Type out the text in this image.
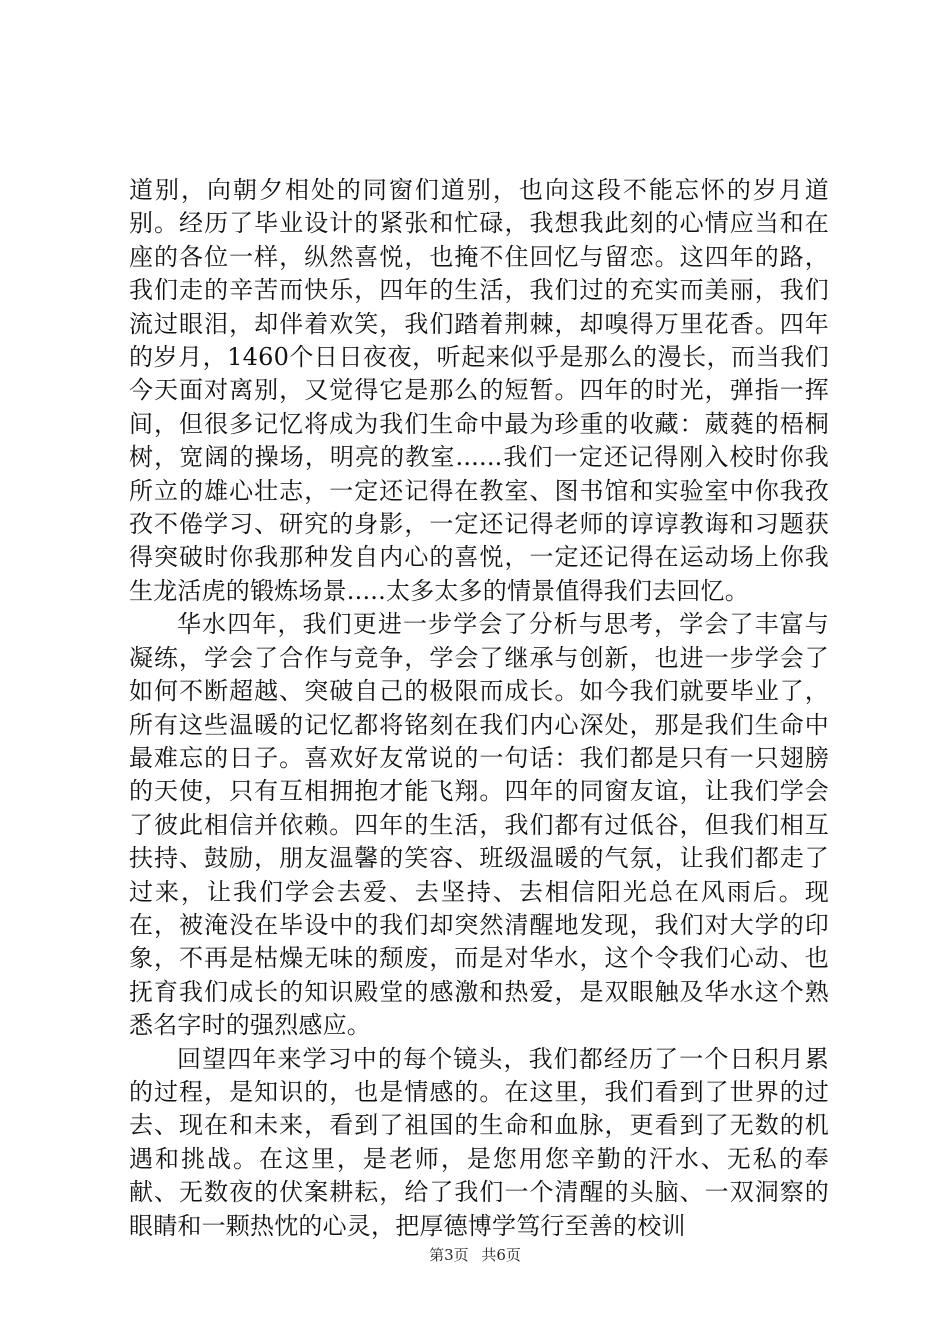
道别，向朝夕相处的同窗们道别，也向这段不能忘怀的岁月道别。经历了毕业设计的紧张和忙碌，我想我此刻的心情应当和在座的各位一样，纵然喜悦，也掩不住回忆与留恋。这四年的路，我们走的辛苦而快乐，四年的生活，我们过的充实而美丽，我们流过眼泪，却伴着欢笑，我们踏着荆棘，却嗅得万里花香。四年的岁月，1460个日日夜夜，听起来似乎是那么的漫长，而当我们今天面对离别，又觉得它是那么的短暂。四年的时光，弹指一挥间，但很多记忆将成为我们生命中最为珍重的收藏：葳蕤的梧桐树，宽阔的操场，明亮的教室......我们一定还记得刚入校时你我所立的雄心壮志，一定还记得在教室、图书馆和实验室中你我孜孜不倦学习、研究的身影，一定还记得老师的谆谆教诲和习题获得突破时你我那种发自内心的喜悦，一定还记得在运动场上你我生龙活虎的锻炼场景.....太多太多的情景值得我们去回忆。

华水四年，我们更进一步学会了分析与思考，学会了丰富与凝练，学会了合作与竞争，学会了继承与创新，也进一步学会了如何不断超越、突破自己的极限而成长。如今我们就要毕业了，所有这些温暖的记忆都将铭刻在我们内心深处，那是我们生命中最难忘的日子。喜欢好友常说的一句话：我们都是只有一只翅膀的天使，只有互相拥抱才能飞翔。四年的同窗友谊，让我们学会了彼此相信并依赖。四年的生活，我们都有过低谷，但我们相互扶持、鼓励，朋友温馨的笑容、班级温暖的气氛，让我们都走了过来，让我们学会去爱、去坚持、去相信阳光总在风雨后。现在，被淹没在毕设中的我们却突然清醒地发现，我们对大学的印象，不再是枯燥无味的颓废，而是对华水，这个令我们心动、也抚育我们成长的知识殿堂的感激和热爱，是双眼触及华水这个熟悉名字时的强烈感应。

回望四年来学习中的每个镜头，我们都经历了一个日积月累的过程，是知识的，也是情感的。在这里，我们看到了世界的过去、现在和未来，看到了祖国的生命和血脉，更看到了无数的机遇和挑战。在这里，是老师，是您用您辛勤的汗水、无私的奉献、无数夜的伏案耕耘，给了我们一个清醒的头脑、一双洞察的眼睛和一颗热忱的心灵，把厚德博学笃行至善的校训

第3页 共6页
